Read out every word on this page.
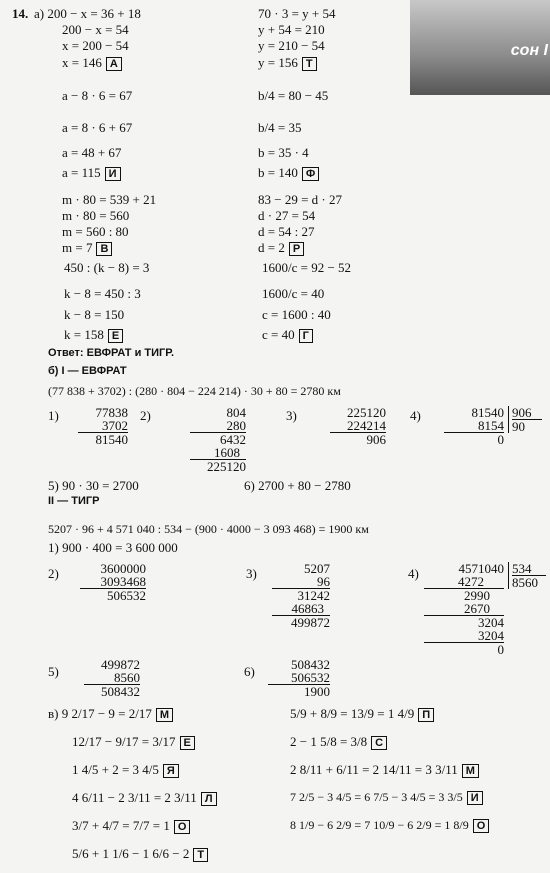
сон І
14. а) 200 − x = 36 + 18
200 − x = 54
x = 200 − 54
x = 146 А
a − 8 · 6 = 67
a = 8 · 6 + 67
a = 48 + 67
a = 115 И
m · 80 = 539 + 21
m · 80 = 560
m = 560 : 80
m = 7 В
450 : (k − 8) = 3
k − 8 = 450 : 3
k − 8 = 150
k = 158 Е
70 · 3 = y + 54
y + 54 = 210
y = 210 − 54
y = 156 Т
b/4 = 80 − 45
b/4 = 35
b = 35 · 4
b = 140 Ф
83 − 29 = d · 27
d · 27 = 54
d = 54 : 27
d = 2 Р
1600/c = 92 − 52
1600/c = 40
c = 1600 : 40
c = 40 Г
Ответ: ЕВФРАТ и ТИГР.
б) I — ЕВФРАТ
(77 838 + 3702) : (280 · 804 − 224 214) · 30 + 80 = 2780 км
1)	77838
3702
81540
2)	804
280
6432
1608
225120
3)	225120
224214
906
4)	81540
8154
0
906
90
5) 90 · 30 = 2700	6) 2700 + 80 − 2780
II — ТИГР
5207 · 96 + 4 571 040 : 534 − (900 · 4000 − 3 093 468) = 1900 км
1) 900 · 400 = 3 600 000
2)	3600000
3093468
506532
3)	5207
96
31242
46863
499872
4)	4571040
4272
2990
2670
3204
3204
0
534
8560
5)	499872
8560
508432
6)	508432
506532
1900
в) 9 2/17 − 9 = 2/17 М
12/17 − 9/17 = 3/17 Е
1 4/5 + 2 = 3 4/5 Я
4 6/11 − 2 3/11 = 2 3/11 Л
3/7 + 4/7 = 7/7 = 1 О
5/6 + 1 1/6 − 1 6/6 − 2 Т
5/9 + 8/9 = 13/9 = 1 4/9 П
2 − 1 5/8 = 3/8 С
2 8/11 + 6/11 = 2 14/11 = 3 3/11 М
7 2/5 − 3 4/5 = 6 7/5 − 3 4/5 = 3 3/5 И
8 1/9 − 6 2/9 = 7 10/9 − 6 2/9 = 1 8/9 О
